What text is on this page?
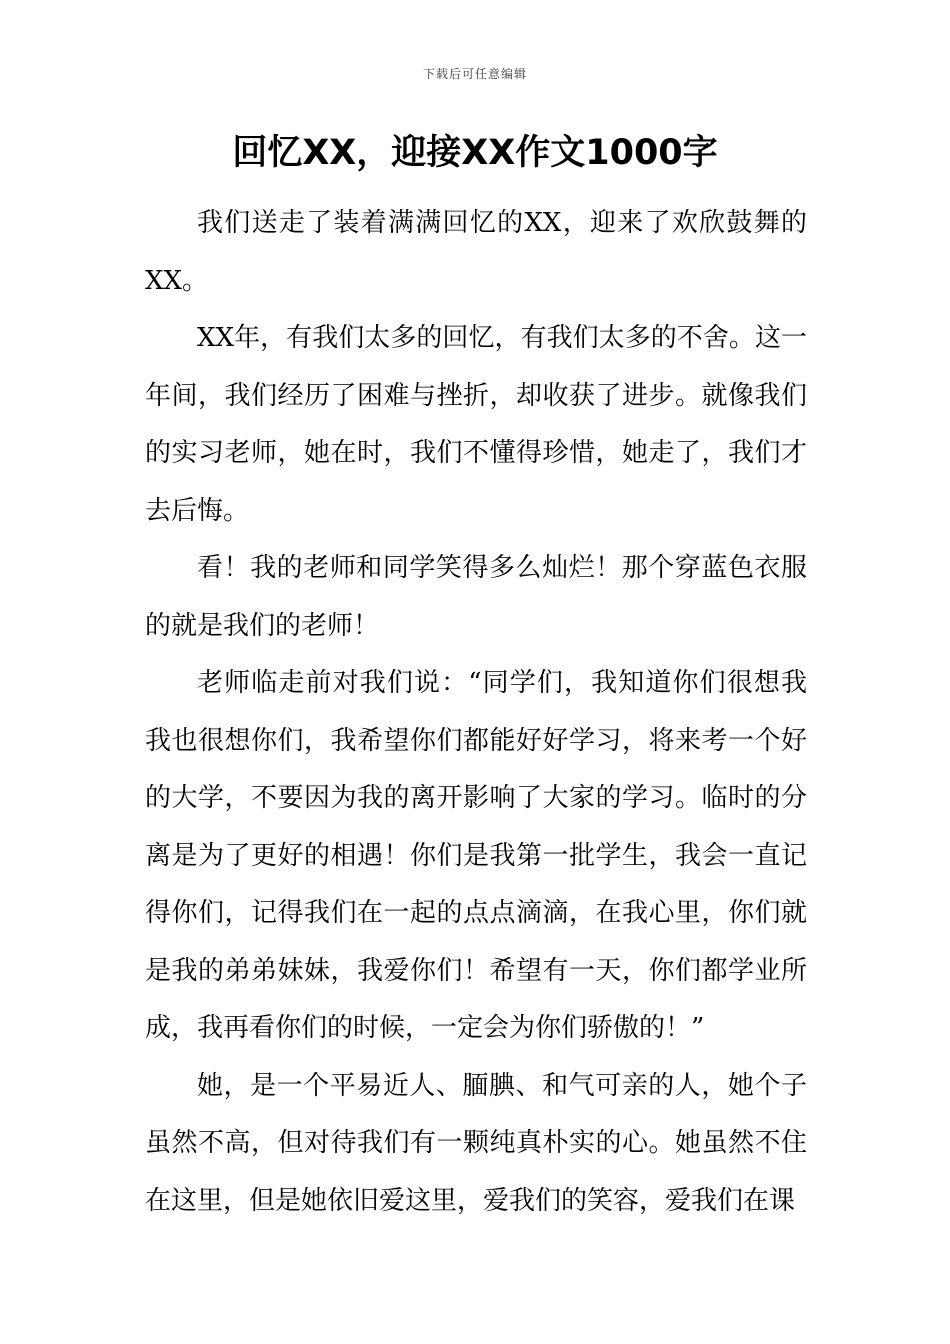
下载后可任意编辑
回忆XX，迎接XX作文1000字

我们送走了装着满满回忆的XX，迎来了欢欣鼓舞的XX。

XX年，有我们太多的回忆，有我们太多的不舍。这一年间，我们经历了困难与挫折，却收获了进步。就像我们的实习老师，她在时，我们不懂得珍惜，她走了，我们才去后悔。

看！我的老师和同学笑得多么灿烂！那个穿蓝色衣服的就是我们的老师！

老师临走前对我们说：“同学们，我知道你们很想我我也很想你们，我希望你们都能好好学习，将来考一个好的大学，不要因为我的离开影响了大家的学习。临时的分离是为了更好的相遇！你们是我第一批学生，我会一直记得你们，记得我们在一起的点点滴滴，在我心里，你们就是我的弟弟妹妹，我爱你们！希望有一天，你们都学业所成，我再看你们的时候，一定会为你们骄傲的！”

她，是一个平易近人、腼腆、和气可亲的人，她个子虽然不高，但对待我们有一颗纯真朴实的心。她虽然不住在这里，但是她依旧爱这里，爱我们的笑容，爱我们在课
